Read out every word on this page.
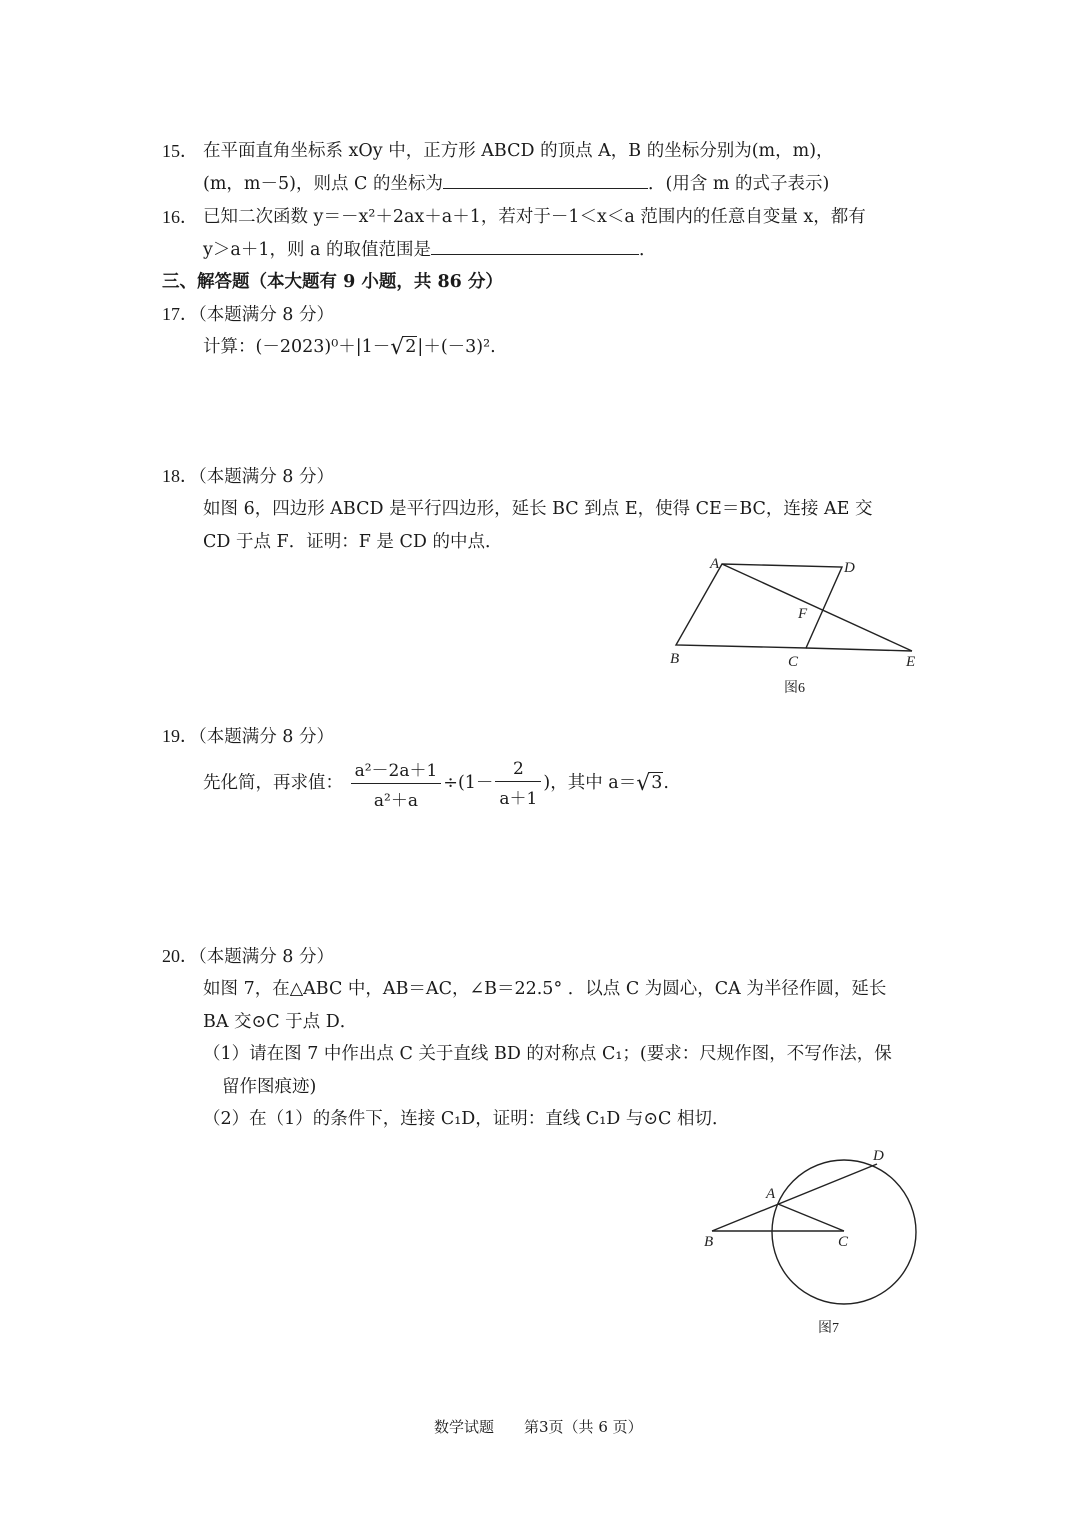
15． 在平面直角坐标系 xOy 中，正方形 ABCD 的顶点 A，B 的坐标分别为(m，m)，
(m，m－5)，则点 C 的坐标为	．(用含 m 的式子表示)
16． 已知二次函数 y＝－x²＋2ax＋a＋1，若对于－1＜x＜a 范围内的任意自变量 x，都有
y＞a＋1，则 a 的取值范围是	．
三、解答题（本大题有 9 小题，共 86 分）
17．（本题满分 8 分）
计算：(－2023)⁰＋|1－√2|＋(－3)².
18．（本题满分 8 分）
如图 6，四边形 ABCD 是平行四边形，延长 BC 到点 E，使得 CE＝BC，连接 AE 交
CD 于点 F．证明：F 是 CD 的中点．
A	D
F
B	C	E
图6
19．（本题满分 8 分）
先化简，再求值： $\frac{\text{a²－2a＋1}}{\text{a²＋a}} \div(1- \frac{2}{a+1}$ )，其中 a＝√3.
20．（本题满分 8 分）
如图 7，在△ABC 中，AB＝AC，∠B＝22.5° ．以点 C 为圆心，CA 为半径作圆，延长
BA 交⊙C 于点 D．
（1）请在图 7 中作出点 C 关于直线 BD 的对称点 C₁；(要求：尺规作图，不写作法，保
留作图痕迹)
（2）在（1）的条件下，连接 C₁D，证明：直线 C₁D 与⊙C 相切．
A
D
B	C
图7
数学试题　　第3页（共 6 页）
